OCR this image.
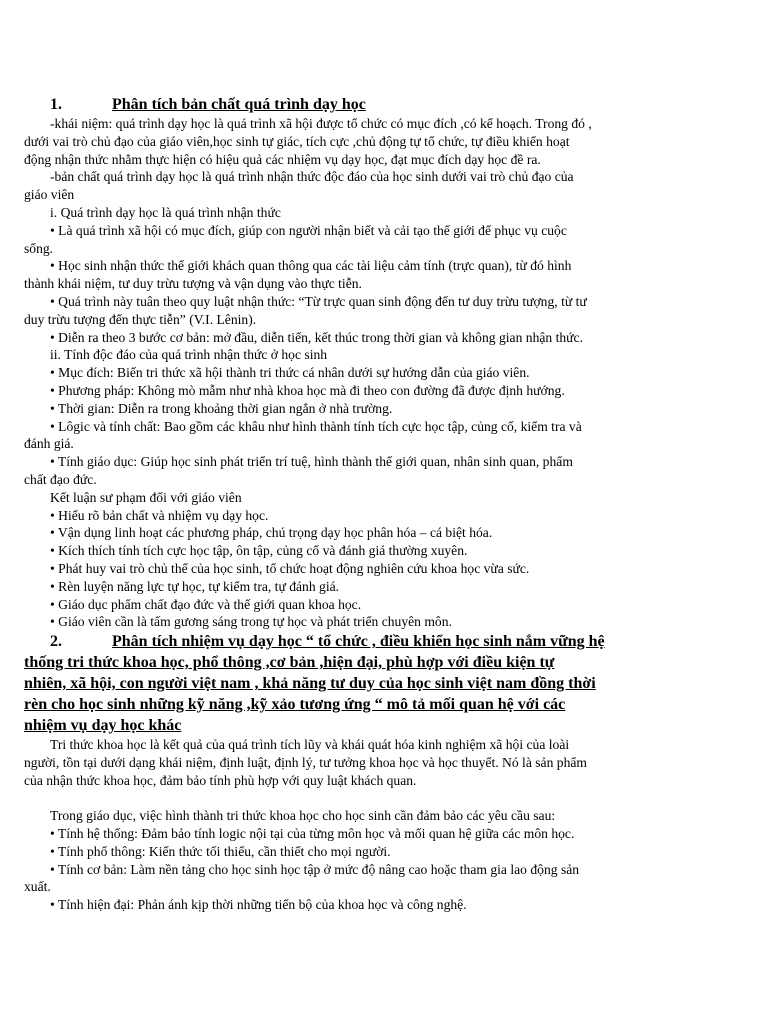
1.	Phân tích bản chất quá trình dạy học
-khái niệm: quá trình dạy học là quá trình xã hội được tổ chức có mục đích ,có kế hoạch. Trong đó ,
dưới vai trò chủ đạo của giáo viên,học sinh tự giác, tích cực ,chủ động tự tổ chức, tự điều khiển hoạt
động nhận thức nhằm thực hiện có hiệu quả các nhiệm vụ dạy học, đạt mục đích dạy học đề ra.
-bản chất quá trình dạy học là quá trình nhận thức độc đáo của học sinh dưới vai trò chủ đạo của
giáo viên
i. Quá trình dạy học là quá trình nhận thức
• Là quá trình xã hội có mục đích, giúp con người nhận biết và cải tạo thế giới để phục vụ cuộc
sống.
• Học sinh nhận thức thế giới khách quan thông qua các tài liệu cảm tính (trực quan), từ đó hình
thành khái niệm, tư duy trừu tượng và vận dụng vào thực tiễn.
• Quá trình này tuân theo quy luật nhận thức: “Từ trực quan sinh động đến tư duy trừu tượng, từ tư
duy trừu tượng đến thực tiễn” (V.I. Lênin).
• Diễn ra theo 3 bước cơ bản: mở đầu, diễn tiến, kết thúc trong thời gian và không gian nhận thức.
ii. Tính độc đáo của quá trình nhận thức ở học sinh
• Mục đích: Biến tri thức xã hội thành tri thức cá nhân dưới sự hướng dẫn của giáo viên.
• Phương pháp: Không mò mẫm như nhà khoa học mà đi theo con đường đã được định hướng.
• Thời gian: Diễn ra trong khoảng thời gian ngắn ở nhà trường.
• Lôgic và tính chất: Bao gồm các khâu như hình thành tính tích cực học tập, củng cố, kiểm tra và
đánh giá.
• Tính giáo dục: Giúp học sinh phát triển trí tuệ, hình thành thế giới quan, nhân sinh quan, phẩm
chất đạo đức.
Kết luận sư phạm đối với giáo viên
• Hiểu rõ bản chất và nhiệm vụ dạy học.
• Vận dụng linh hoạt các phương pháp, chú trọng dạy học phân hóa – cá biệt hóa.
• Kích thích tính tích cực học tập, ôn tập, củng cố và đánh giá thường xuyên.
• Phát huy vai trò chủ thể của học sinh, tổ chức hoạt động nghiên cứu khoa học vừa sức.
• Rèn luyện năng lực tự học, tự kiểm tra, tự đánh giá.
• Giáo dục phẩm chất đạo đức và thế giới quan khoa học.
• Giáo viên cần là tấm gương sáng trong tự học và phát triển chuyên môn.
2.	Phân tích nhiệm vụ dạy học “ tổ chức , điều khiển học sinh nắm vững hệ
thống tri thức khoa học, phổ thông ,cơ bản ,hiện đại, phù hợp với điều kiện tự
nhiên, xã hội, con người việt nam , khả năng tư duy của học sinh việt nam đồng thời
rèn cho học sinh những kỹ năng ,kỹ xảo tương ứng “ mô tả mối quan hệ với các
nhiệm vụ dạy học khác
Tri thức khoa học là kết quả của quá trình tích lũy và khái quát hóa kinh nghiệm xã hội của loài
người, tồn tại dưới dạng khái niệm, định luật, định lý, tư tưởng khoa học và học thuyết. Nó là sản phẩm
của nhận thức khoa học, đảm bảo tính phù hợp với quy luật khách quan.
Trong giáo dục, việc hình thành tri thức khoa học cho học sinh cần đảm bảo các yêu cầu sau:
• Tính hệ thống: Đảm bảo tính logic nội tại của từng môn học và mối quan hệ giữa các môn học.
• Tính phổ thông: Kiến thức tối thiểu, cần thiết cho mọi người.
• Tính cơ bản: Làm nền tảng cho học sinh học tập ở mức độ nâng cao hoặc tham gia lao động sản
xuất.
• Tính hiện đại: Phản ánh kịp thời những tiến bộ của khoa học và công nghệ.
